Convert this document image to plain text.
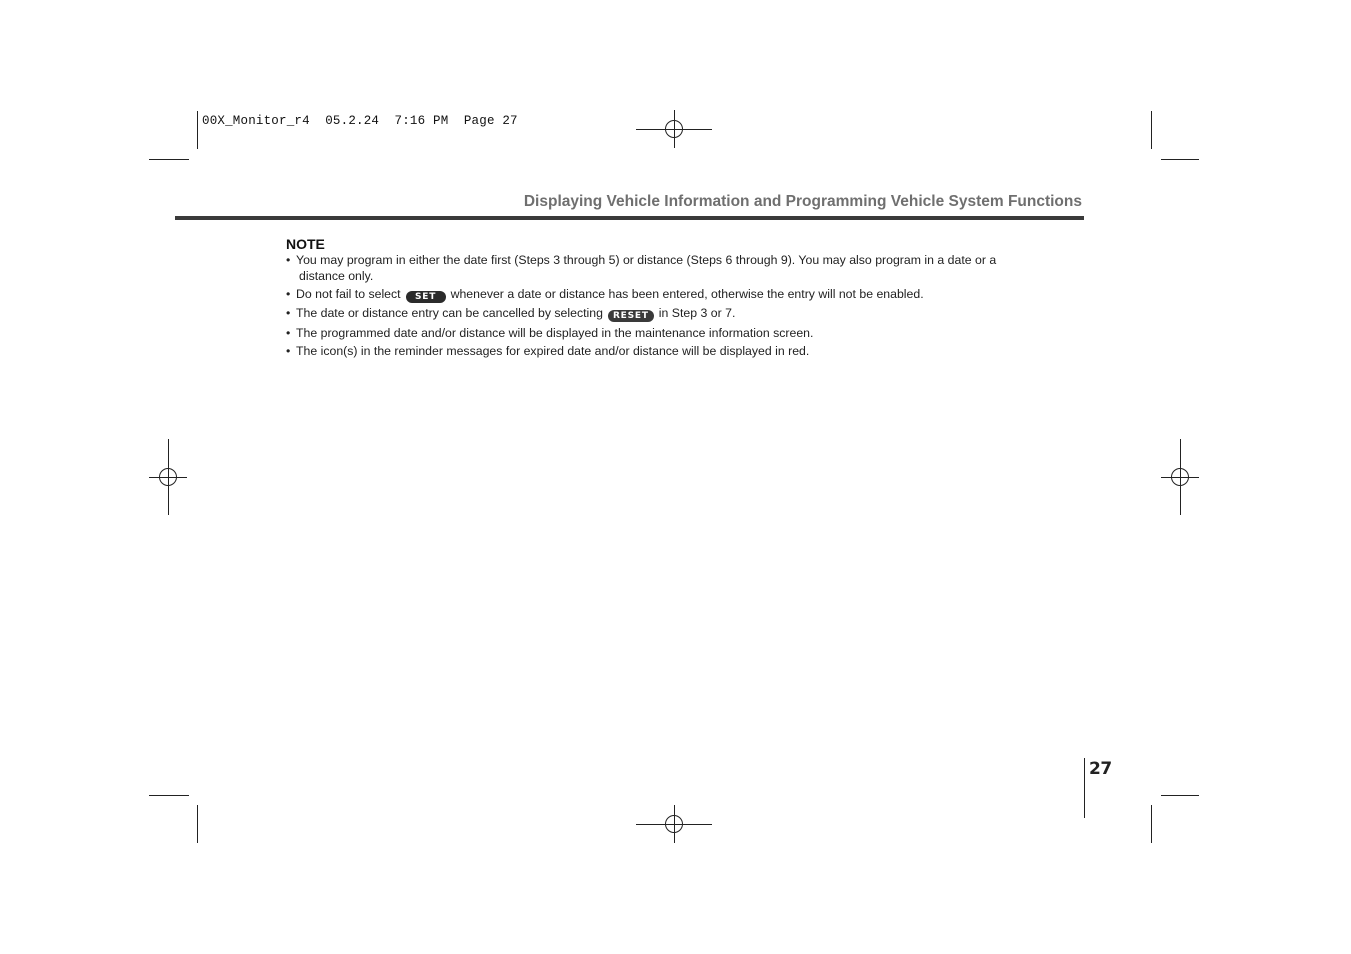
00X_Monitor_r4  05.2.24  7:16 PM  Page 27
Displaying Vehicle Information and Programming Vehicle System Functions
NOTE
• You may program in either the date first (Steps 3 through 5) or distance (Steps 6 through 9). You may also program in a date or a
distance only.
• Do not fail to select SET whenever a date or distance has been entered, otherwise the entry will not be enabled.
• The date or distance entry can be cancelled by selecting RESET in Step 3 or 7.
• The programmed date and/or distance will be displayed in the maintenance information screen.
• The icon(s) in the reminder messages for expired date and/or distance will be displayed in red.
27
